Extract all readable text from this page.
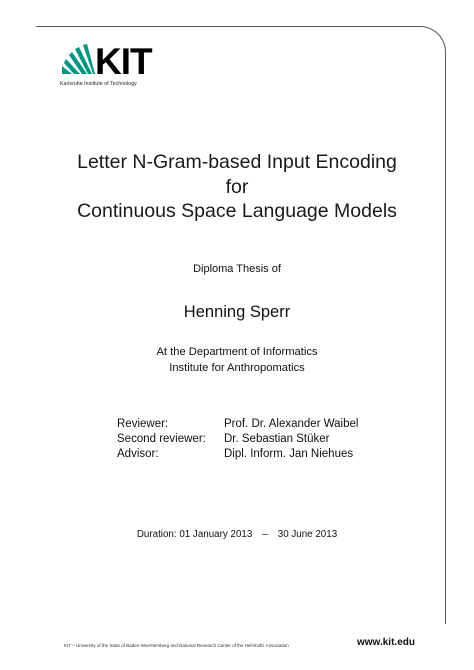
KIT
Karlsruhe Institute of Technology
Letter N-Gram-based Input Encoding
for
Continuous Space Language Models
Diploma Thesis of
Henning Sperr
At the Department of Informatics
Institute for Anthropomatics
Reviewer:	Prof. Dr. Alexander Waibel
Second reviewer:	Dr. Sebastian Stüker
Advisor:	Dipl. Inform. Jan Niehues
Duration: 01 January 2013 – 30 June 2013
KIT – University of the State of Baden-Wuerttemberg and National Research Center of the Helmholtz Association	www.kit.edu
